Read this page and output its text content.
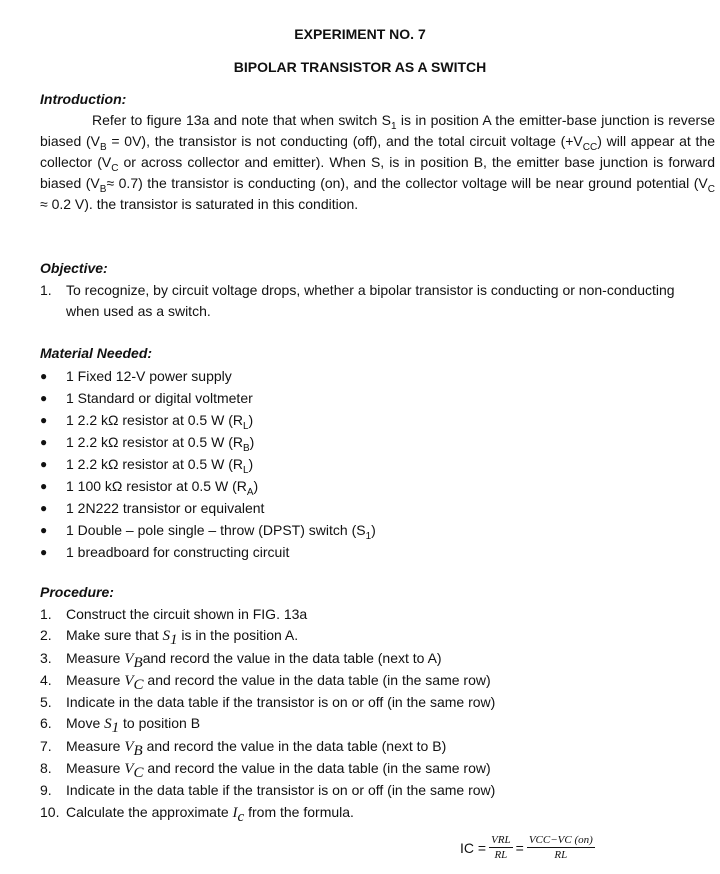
EXPERIMENT NO. 7
BIPOLAR TRANSISTOR AS A SWITCH
Introduction:
Refer to figure 13a and note that when switch $S_1$ is in position A the emitter-base junction is reverse biased $(V_B = 0V)$, the transistor is not conducting (off), and the total circuit voltage $(+V_{CC})$ will appear at the collector ($V_C$ or across collector and emitter). When S, is in position B, the emitter base junction is forward biased $(V_B\approx 0.7)$ the transistor is conducting (on), and the collector voltage will be near ground potential ($V_C \approx 0.2$ V). the transistor is saturated in this condition.
Objective:
1.	To recognize, by circuit voltage drops, whether a bipolar transistor is conducting or non-conducting when used as a switch.
Material Needed:
●	1 Fixed 12-V power supply
●	1 Standard or digital voltmeter
●	1 2.2 kΩ resistor at 0.5 W $(R_L)$
●	1 2.2 kΩ resistor at 0.5 W $(R_B)$
●	1 2.2 kΩ resistor at 0.5 W $(R_L)$
●	1 100 kΩ resistor at 0.5 W $(R_A)$
●	1 2N222 transistor or equivalent
●	1 Double – pole single – throw (DPST) switch $(S_1)$
●	1 breadboard for constructing circuit
Procedure:
1.	Construct the circuit shown in FIG. 13a
2.	Make sure that $S_1$ is in the position A.
3.	Measure $V_Band$ record the value in the data table (next to A)
4.	Measure $V_C$ and record the value in the data table (in the same row)
5.	Indicate in the data table if the transistor is on or off (in the same row)
6.	Move $S_1$ to position B
7.	Measure $V_B$ and record the value in the data table (next to B)
8.	Measure $V_C$ and record the value in the data table (in the same row)
9.	Indicate in the data table if the transistor is on or off (in the same row)
10. Calculate the approximate $I_c$ from the formula.
IC = $\frac{\text{VRL}}{RL} = \frac{\text{VCC−VC (on)}}{RL}$
